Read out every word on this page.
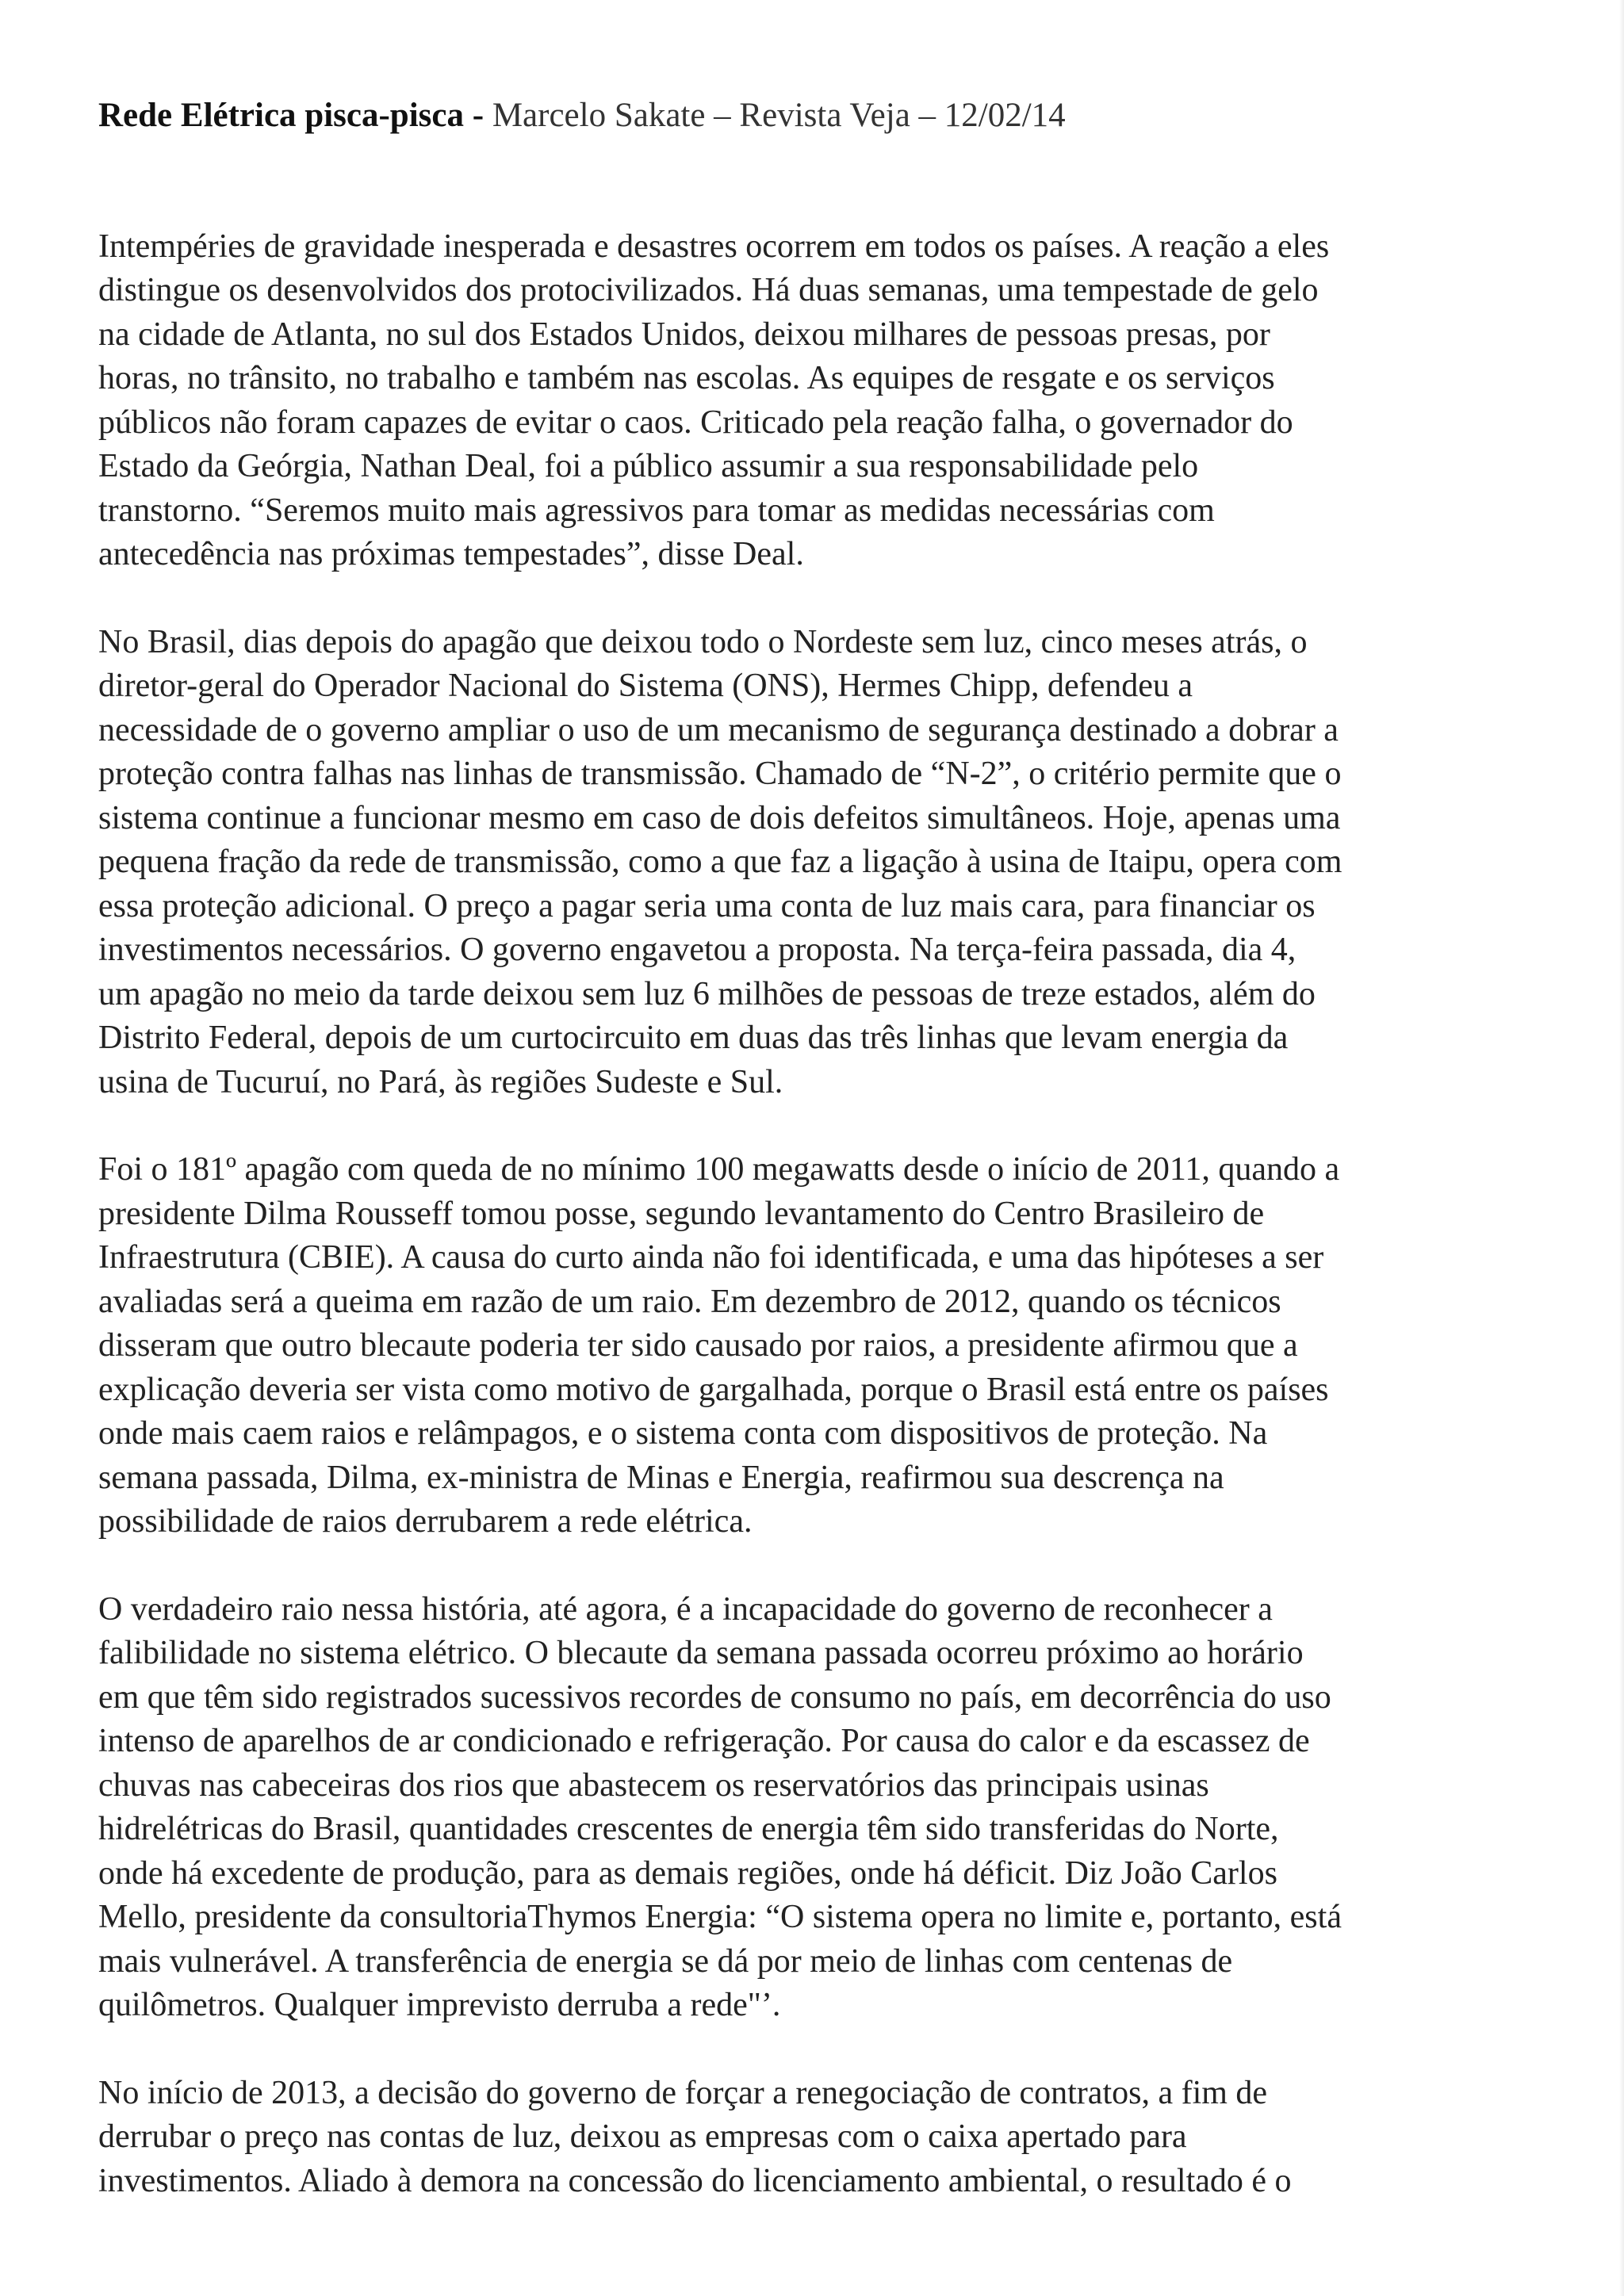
Rede Elétrica pisca-pisca - Marcelo Sakate – Revista Veja – 12/02/14

Intempéries de gravidade inesperada e desastres ocorrem em todos os países. A reação a eles
distingue os desenvolvidos dos protocivilizados. Há duas semanas, uma tempestade de gelo
na cidade de Atlanta, no sul dos Estados Unidos, deixou milhares de pessoas presas, por
horas, no trânsito, no trabalho e também nas escolas. As equipes de resgate e os serviços
públicos não foram capazes de evitar o caos. Criticado pela reação falha, o governador do
Estado da Geórgia, Nathan Deal, foi a público assumir a sua responsabilidade pelo
transtorno. “Seremos muito mais agressivos para tomar as medidas necessárias com
antecedência nas próximas tempestades”, disse Deal.
No Brasil, dias depois do apagão que deixou todo o Nordeste sem luz, cinco meses atrás, o
diretor-geral do Operador Nacional do Sistema (ONS), Hermes Chipp, defendeu a
necessidade de o governo ampliar o uso de um mecanismo de segurança destinado a dobrar a
proteção contra falhas nas linhas de transmissão. Chamado de “N-2”, o critério permite que o
sistema continue a funcionar mesmo em caso de dois defeitos simultâneos. Hoje, apenas uma
pequena fração da rede de transmissão, como a que faz a ligação à usina de Itaipu, opera com
essa proteção adicional. O preço a pagar seria uma conta de luz mais cara, para financiar os
investimentos necessários. O governo engavetou a proposta. Na terça-feira passada, dia 4,
um apagão no meio da tarde deixou sem luz 6 milhões de pessoas de treze estados, além do
Distrito Federal, depois de um curtocircuito em duas das três linhas que levam energia da
usina de Tucuruí, no Pará, às regiões Sudeste e Sul.
Foi o 181º apagão com queda de no mínimo 100 megawatts desde o início de 2011, quando a
presidente Dilma Rousseff tomou posse, segundo levantamento do Centro Brasileiro de
Infraestrutura (CBIE). A causa do curto ainda não foi identificada, e uma das hipóteses a ser
avaliadas será a queima em razão de um raio. Em dezembro de 2012, quando os técnicos
disseram que outro blecaute poderia ter sido causado por raios, a presidente afirmou que a
explicação deveria ser vista como motivo de gargalhada, porque o Brasil está entre os países
onde mais caem raios e relâmpagos, e o sistema conta com dispositivos de proteção. Na
semana passada, Dilma, ex-ministra de Minas e Energia, reafirmou sua descrença na
possibilidade de raios derrubarem a rede elétrica.
O verdadeiro raio nessa história, até agora, é a incapacidade do governo de reconhecer a
falibilidade no sistema elétrico. O blecaute da semana passada ocorreu próximo ao horário
em que têm sido registrados sucessivos recordes de consumo no país, em decorrência do uso
intenso de aparelhos de ar condicionado e refrigeração. Por causa do calor e da escassez de
chuvas nas cabeceiras dos rios que abastecem os reservatórios das principais usinas
hidrelétricas do Brasil, quantidades crescentes de energia têm sido transferidas do Norte,
onde há excedente de produção, para as demais regiões, onde há déficit. Diz João Carlos
Mello, presidente da consultoriaThymos Energia: “O sistema opera no limite e, portanto, está
mais vulnerável. A transferência de energia se dá por meio de linhas com centenas de
quilômetros. Qualquer imprevisto derruba a rede"’.
No início de 2013, a decisão do governo de forçar a renegociação de contratos, a fim de
derrubar o preço nas contas de luz, deixou as empresas com o caixa apertado para
investimentos. Aliado à demora na concessão do licenciamento ambiental, o resultado é o
